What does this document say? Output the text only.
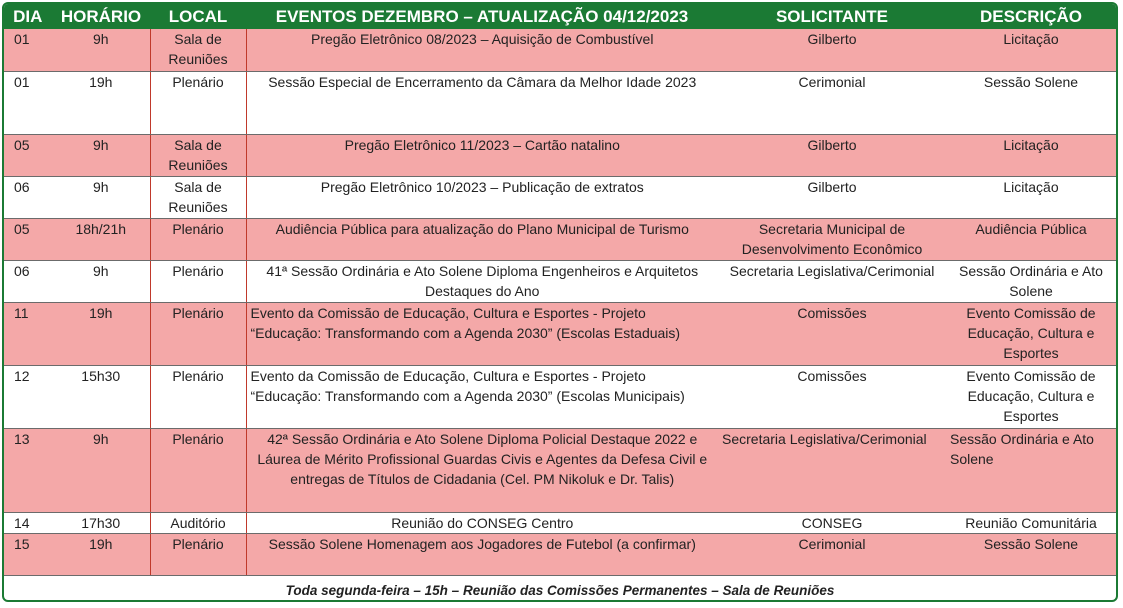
DIA	HORÁRIO	LOCAL	EVENTOS DEZEMBRO – ATUALIZAÇÃO 04/12/2023	SOLICITANTE	DESCRIÇÃO
01	9h	Sala de Reuniões	Pregão Eletrônico 08/2023 – Aquisição de Combustível	Gilberto	Licitação
01	19h	Plenário	Sessão Especial de Encerramento da Câmara da Melhor Idade 2023	Cerimonial	Sessão Solene
05	9h	Sala de Reuniões	Pregão Eletrônico 11/2023 – Cartão natalino	Gilberto	Licitação
06	9h	Sala de Reuniões	Pregão Eletrônico 10/2023 – Publicação de extratos	Gilberto	Licitação
05	18h/21h	Plenário	Audiência Pública para atualização do Plano Municipal de Turismo	Secretaria Municipal de Desenvolvimento Econômico	Audiência Pública
06	9h	Plenário	41ª Sessão Ordinária e Ato Solene Diploma Engenheiros e Arquitetos Destaques do Ano	Secretaria Legislativa/Cerimonial	Sessão Ordinária e Ato Solene
11	19h	Plenário	Evento da Comissão de Educação, Cultura e Esportes - Projeto “Educação: Transformando com a Agenda 2030” (Escolas Estaduais)	Comissões	Evento Comissão de Educação, Cultura e Esportes
12	15h30	Plenário	Evento da Comissão de Educação, Cultura e Esportes - Projeto “Educação: Transformando com a Agenda 2030” (Escolas Municipais)	Comissões	Evento Comissão de Educação, Cultura e Esportes
13	9h	Plenário	42ª Sessão Ordinária e Ato Solene Diploma Policial Destaque 2022 e Láurea de Mérito Profissional Guardas Civis e Agentes da Defesa Civil e entregas de Títulos de Cidadania (Cel. PM Nikoluk e Dr. Talis)	Secretaria Legislativa/Cerimonial	Sessão Ordinária e Ato Solene
14	17h30	Auditório	Reunião do CONSEG Centro	CONSEG	Reunião Comunitária
15	19h	Plenário	Sessão Solene Homenagem aos Jogadores de Futebol (a confirmar)	Cerimonial	Sessão Solene
Toda segunda-feira – 15h – Reunião das Comissões Permanentes – Sala de Reuniões
